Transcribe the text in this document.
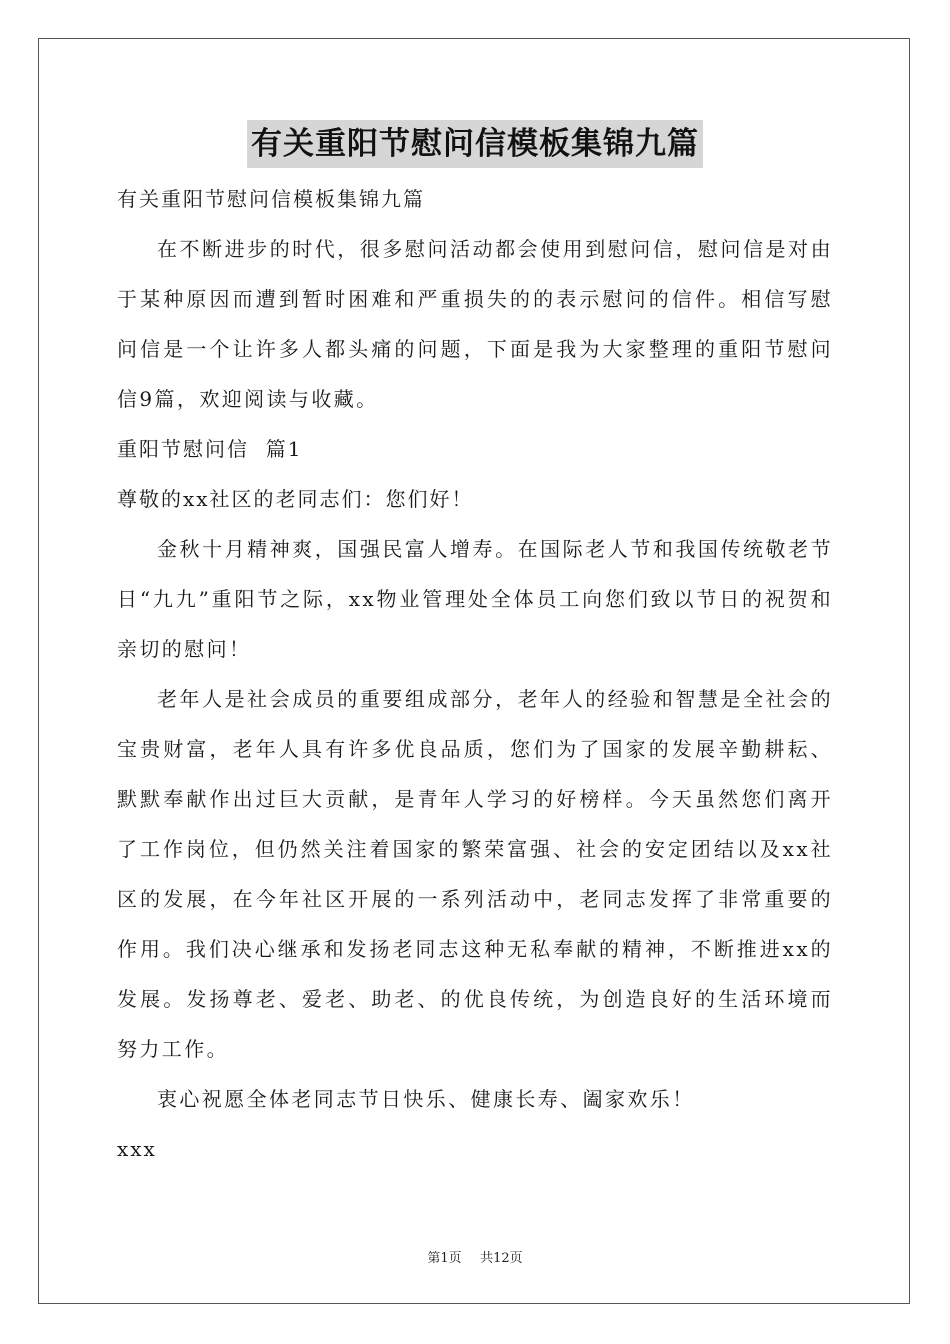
有关重阳节慰问信模板集锦九篇

有关重阳节慰问信模板集锦九篇

在不断进步的时代，很多慰问活动都会使用到慰问信，慰问信是对由于某种原因而遭到暂时困难和严重损失的的表示慰问的信件。相信写慰问信是一个让许多人都头痛的问题，下面是我为大家整理的重阳节慰问信9篇，欢迎阅读与收藏。

重阳节慰问信  篇1

尊敬的xx社区的老同志们：您们好！

金秋十月精神爽，国强民富人增寿。在国际老人节和我国传统敬老节日“九九”重阳节之际，xx物业管理处全体员工向您们致以节日的祝贺和亲切的慰问！

老年人是社会成员的重要组成部分，老年人的经验和智慧是全社会的宝贵财富，老年人具有许多优良品质，您们为了国家的发展辛勤耕耘、默默奉献作出过巨大贡献，是青年人学习的好榜样。今天虽然您们离开了工作岗位，但仍然关注着国家的繁荣富强、社会的安定团结以及xx社区的发展，在今年社区开展的一系列活动中，老同志发挥了非常重要的作用。我们决心继承和发扬老同志这种无私奉献的精神，不断推进xx的发展。发扬尊老、爱老、助老、的优良传统，为创造良好的生活环境而努力工作。

衷心祝愿全体老同志节日快乐、健康长寿、阖家欢乐！

xxx

第1页 共12页
